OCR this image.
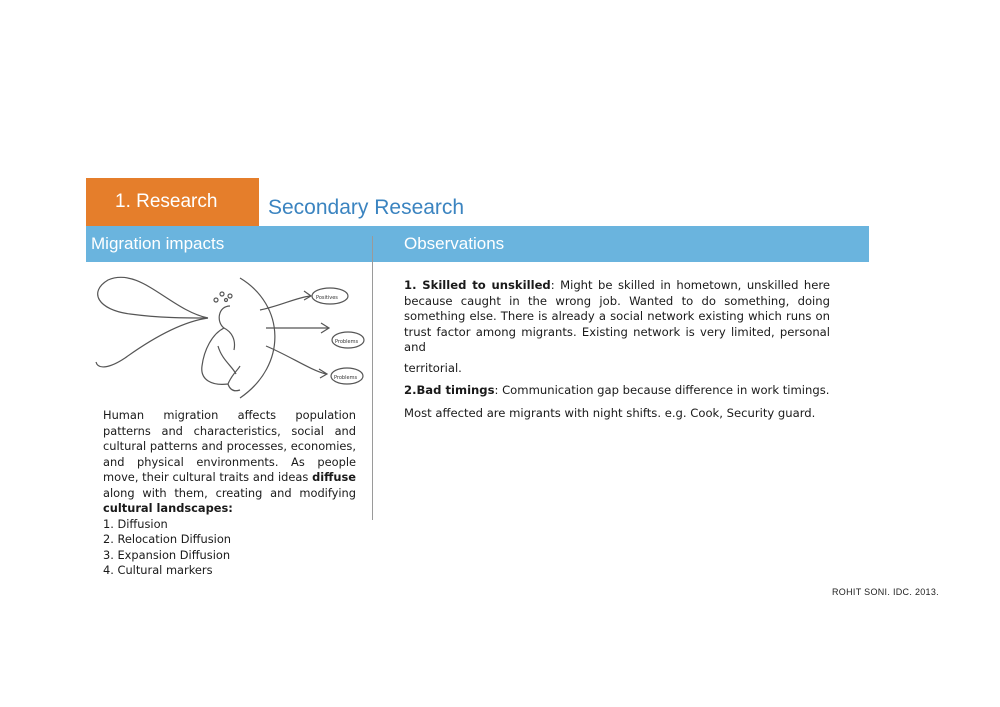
1. Research	Secondary Research
Migration impacts	Observations
Positives
Problems
Problems

Human migration affects population patterns and characteristics, social and cultural patterns and processes, economies, and physical environments. As people move, their cultural traits and ideas diffuse along with them, creating and modifying cultural landscapes:

1. Diffusion

2. Relocation Diffusion

3. Expansion Diffusion

4. Cultural markers

1. Skilled to unskilled: Might be skilled in hometown, unskilled here because caught in the wrong job. Wanted to do something, doing something else. There is already a social network existing which runs on trust factor among migrants. Existing network is very limited, personal and

territorial.

2.Bad timings: Communication gap because difference in work timings.

Most affected are migrants with night shifts. e.g. Cook, Security guard.

ROHIT SONI. IDC. 2013.
